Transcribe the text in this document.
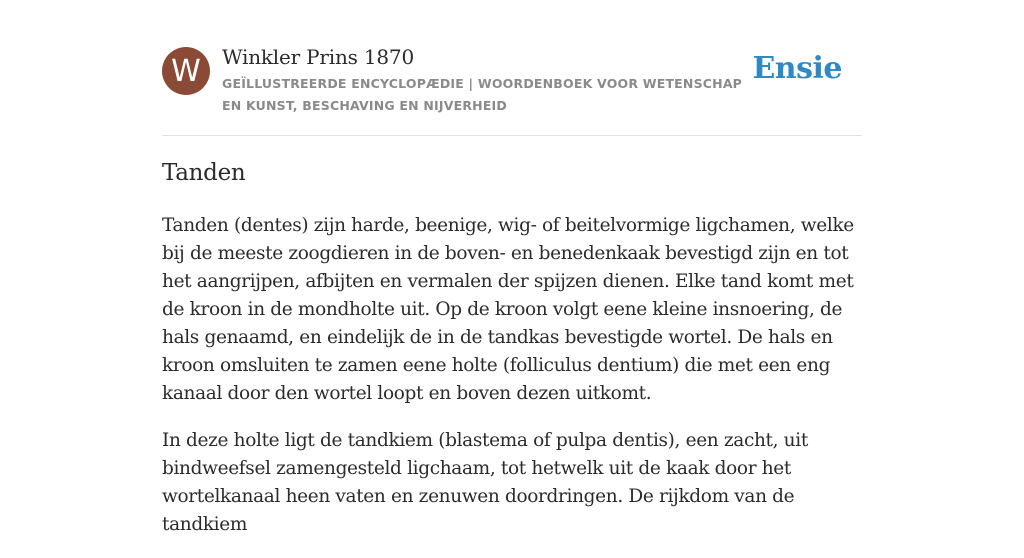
W	Winkler Prins 1870
GEÏLLUSTREERDE ENCYCLOPÆDIE | WOORDENBOEK VOOR WETENSCHAP EN KUNST, BESCHAVING EN NIJVERHEID
Ensie
Tanden

Tanden (dentes) zijn harde, beenige, wig- of beitelvormige ligchamen, welke bij de meeste zoogdieren in de boven- en benedenkaak bevestigd zijn en tot het aangrijpen, afbijten en vermalen der spijzen dienen. Elke tand komt met de kroon in de mondholte uit. Op de kroon volgt eene kleine insnoering, de hals genaamd, en eindelijk de in de tandkas bevestigde wortel. De hals en kroon omsluiten te zamen eene holte (folliculus dentium) die met een eng kanaal door den wortel loopt en boven dezen uitkomt.

In deze holte ligt de tandkiem (blastema of pulpa dentis), een zacht, uit bindweefsel zamengesteld ligchaam, tot hetwelk uit de kaak door het wortelkanaal heen vaten en zenuwen doordringen. De rijkdom van de tandkiem
